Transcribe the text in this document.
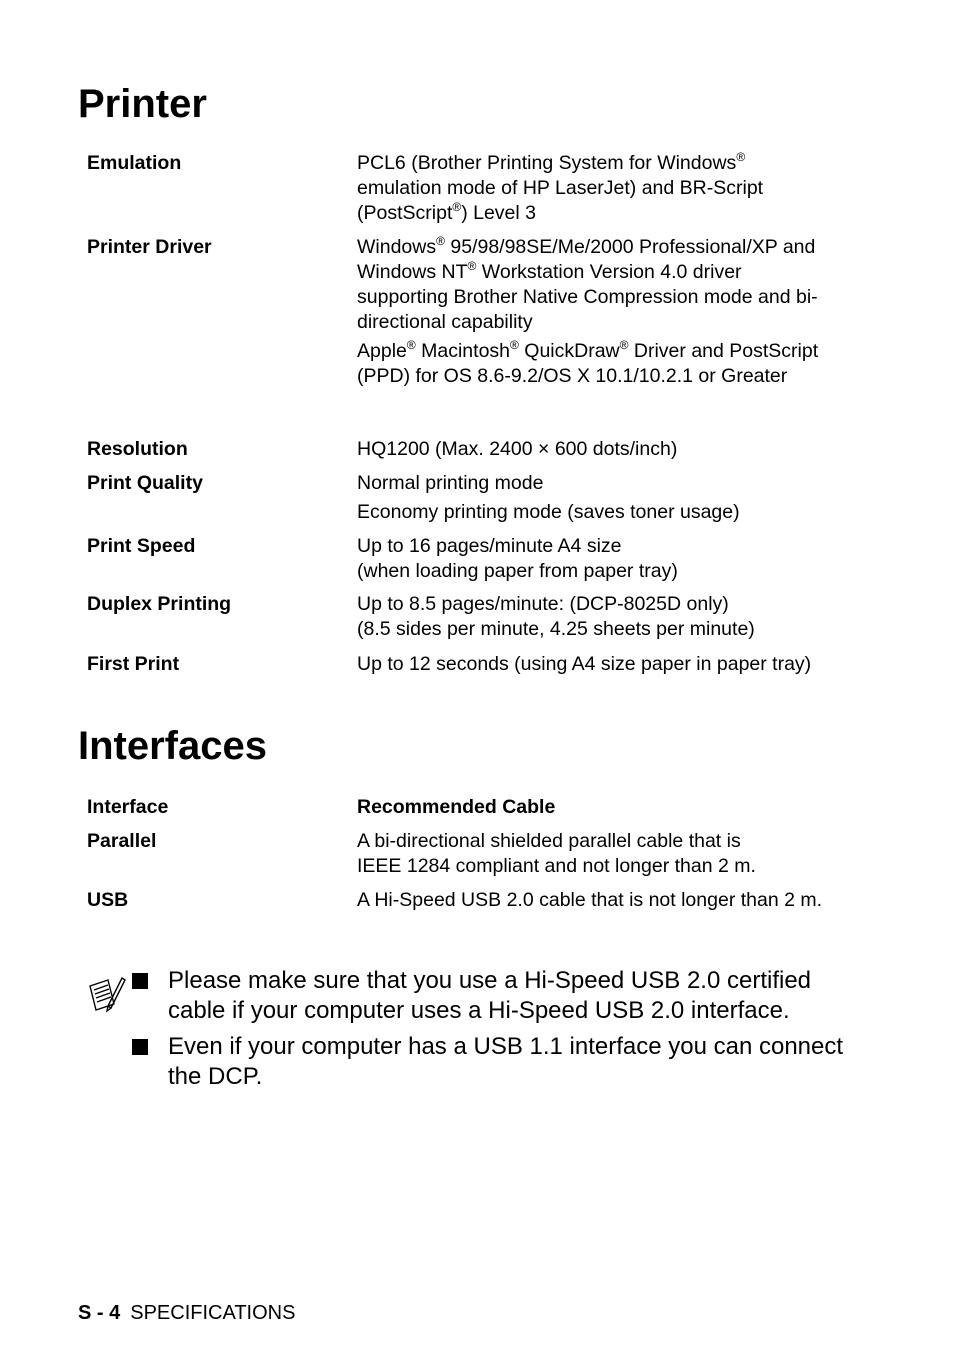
Printer
Emulation	PCL6 (Brother Printing System for Windows® emulation mode of HP LaserJet) and BR-Script (PostScript®) Level 3

Printer Driver	Windows® 95/98/98SE/Me/2000 Professional/XP and Windows NT® Workstation Version 4.0 driver supporting Brother Native Compression mode and bi-directional capability

Apple® Macintosh® QuickDraw® Driver and PostScript (PPD) for OS 8.6-9.2/OS X 10.1/10.2.1 or Greater

Resolution	HQ1200 (Max. 2400 × 600 dots/inch)

Print Quality	Normal printing mode

Economy printing mode (saves toner usage)

Print Speed	Up to 16 pages/minute A4 size

(when loading paper from paper tray)

Duplex Printing	Up to 8.5 pages/minute: (DCP-8025D only)

(8.5 sides per minute, 4.25 sheets per minute)

First Print	Up to 12 seconds (using A4 size paper in paper tray)

Interfaces
Interface	Recommended Cable
Parallel	A bi-directional shielded parallel cable that is

IEEE 1284 compliant and not longer than 2 m.

USB	A Hi-Speed USB 2.0 cable that is not longer than 2 m.

Please make sure that you use a Hi-Speed USB 2.0 certified cable if your computer uses a Hi-Speed USB 2.0 interface.
Even if your computer has a USB 1.1 interface you can connect the DCP.
S - 4 SPECIFICATIONS
